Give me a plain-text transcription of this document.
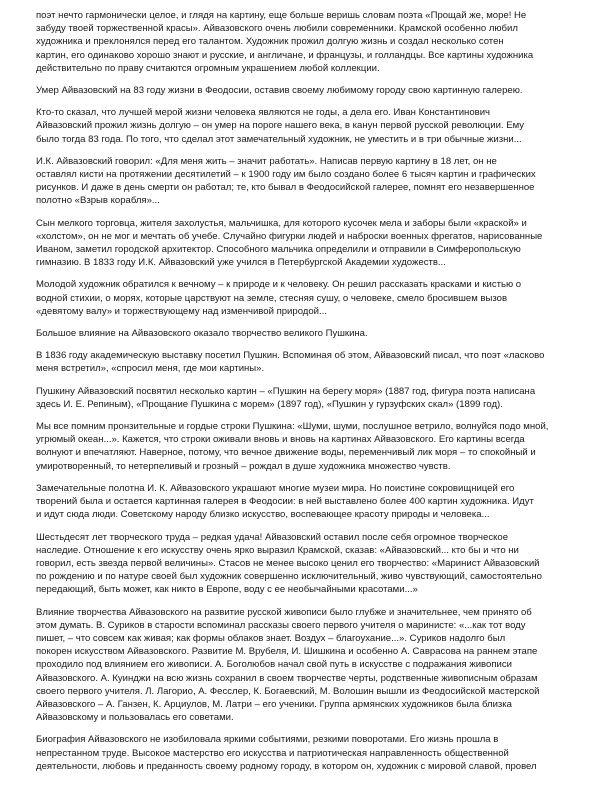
поэт нечто гармонически целое, и глядя на картину, еще больше веришь словам поэта «Прощай же, море! Не
забуду твоей торжественной красы». Айвазовского очень любили современники. Крамской особенно любил
художника и преклонялся перед его талантом. Художник прожил долгую жизнь и создал несколько сотен
картин, его одинаково хорошо знают и русские, и англичане, и французы, и голландцы. Все картины художника
действительно по праву считаются огромным украшением любой коллекции.

Умер Айвазовский на 83 году жизни в Феодосии, оставив своему любимому городу свою картинную галерею.

Кто-то сказал, что лучшей мерой жизни человека являются не годы, а дела его. Иван Константинович
Айвазовский прожил жизнь долгую – он умер на пороге нашего века, в канун первой русской революции. Ему
было тогда 83 года. По того, что сделал этот замечательный художник, не уместить и в три обычные жизни...

И.К. Айвазовский говорил: «Для меня жить – значит работать». Написав первую картину в 18 лет, он не
оставлял кисти на протяжении десятилетий – к 1900 году им было создано более 6 тысяч картин и графических
рисунков. И даже в день смерти он работал; те, кто бывал в Феодосийской галерее, помнят его незавершенное
полотно «Взрыв корабля»...

Сын мелкого торговца, жителя захолустья, мальчишка, для которого кусочек мела и заборы были «краской» и
«холстом», он не мог и мечтать об учебе. Случайно фигурки людей и наброски военных фрегатов, нарисованные
Иваном, заметил городской архитектор. Способного мальчика определили и отправили в Симферопольскую
гимназию. В 1833 году И.К. Айвазовский уже учился в Петербургской Академии художеств...

Молодой художник обратился к вечному – к природе и к человеку. Он решил рассказать красками и кистью о
водной стихии, о морях, которые царствуют на земле, стесняя сушу, о человеке, смело бросившем вызов
«девятому валу» и торжествующему над изменчивой природой...

Большое влияние на Айвазовского оказало творчество великого Пушкина.

В 1836 году академическую выставку посетил Пушкин. Вспоминая об этом, Айвазовский писал, что поэт «ласково
меня встретил», «спросил меня, где мои картины».

Пушкину Айвазовский посвятил несколько картин – «Пушкин на берегу моря» (1887 год, фигура поэта написана
здесь И. Е. Репиным), «Прощание Пушкина с морем» (1897 год), «Пушкин у гурзуфских скал» (1899 год).

Мы все помним пронзительные и гордые строки Пушкина: «Шуми, шуми, послушное ветрило, волнуйся подо мной,
угрюмый океан...». Кажется, что строки оживали вновь и вновь на картинах Айвазовского. Его картины всегда
волнуют и впечатляют. Наверное, потому, что вечное движение воды, переменчивый лик моря – то спокойный и
умиротворенный, то нетерпеливый и грозный – рождал в душе художника множество чувств.

Замечательные полотна И. К. Айвазовского украшают многие музеи мира. Но поистине сокровищницей его
творений была и остается картинная галерея в Феодосии: в ней выставлено более 400 картин художника. Идут
и идут сюда люди. Советскому народу близко искусство, воспевающее красоту природы и человека...

Шестьдесят лет творческого труда – редкая удача! Айвазовский оставил после себя огромное творческое
наследие. Отношение к его искусству очень ярко выразил Крамской, сказав: «Айвазовский... кто бы и что ни
говорил, есть звезда первой величины». Стасов не менее высоко ценил его творчество: «Маринист Айвазовский
по рождению и по натуре своей был художник совершенно исключительный, живо чувствующий, самостоятельно
передающий, быть может, как никто в Европе, воду с ее необычайными красотами...»

Влияние творчества Айвазовского на развитие русской живописи было глубже и значительнее, чем принято об
этом думать. В. Суриков в старости вспоминал рассказы своего первого учителя о маринисте: «...как тот воду
пишет, – что совсем как живая; как формы облаков знает. Воздух – благоухание...». Суриков надолго был
покорен искусством Айвазовского. Развитие М. Врубеля, И. Шишкина и особенно А. Саврасова на раннем этапе
проходило под влиянием его живописи. А. Боголюбов начал свой путь в искусстве с подражания живописи
Айвазовского. А. Куинджи на всю жизнь сохранил в своем творчестве черты, родственные живописным образам
своего первого учителя. Л. Лагорио, А. Фесслер, К. Богаевский, М. Волошин вышли из Феодосийской мастерской
Айвазовского – А. Ганзен, К. Арциулов, М. Латри – его ученики. Группа армянских художников была близка
Айвазовскому и пользовалась его советами.

Биография Айвазовского не изобиловала яркими событиями, резкими поворотами. Его жизнь прошла в
непрестанном труде. Высокое мастерство его искусства и патриотическая направленность общественной
деятельности, любовь и преданность своему родному городу, в котором он, художник с мировой славой, провел
